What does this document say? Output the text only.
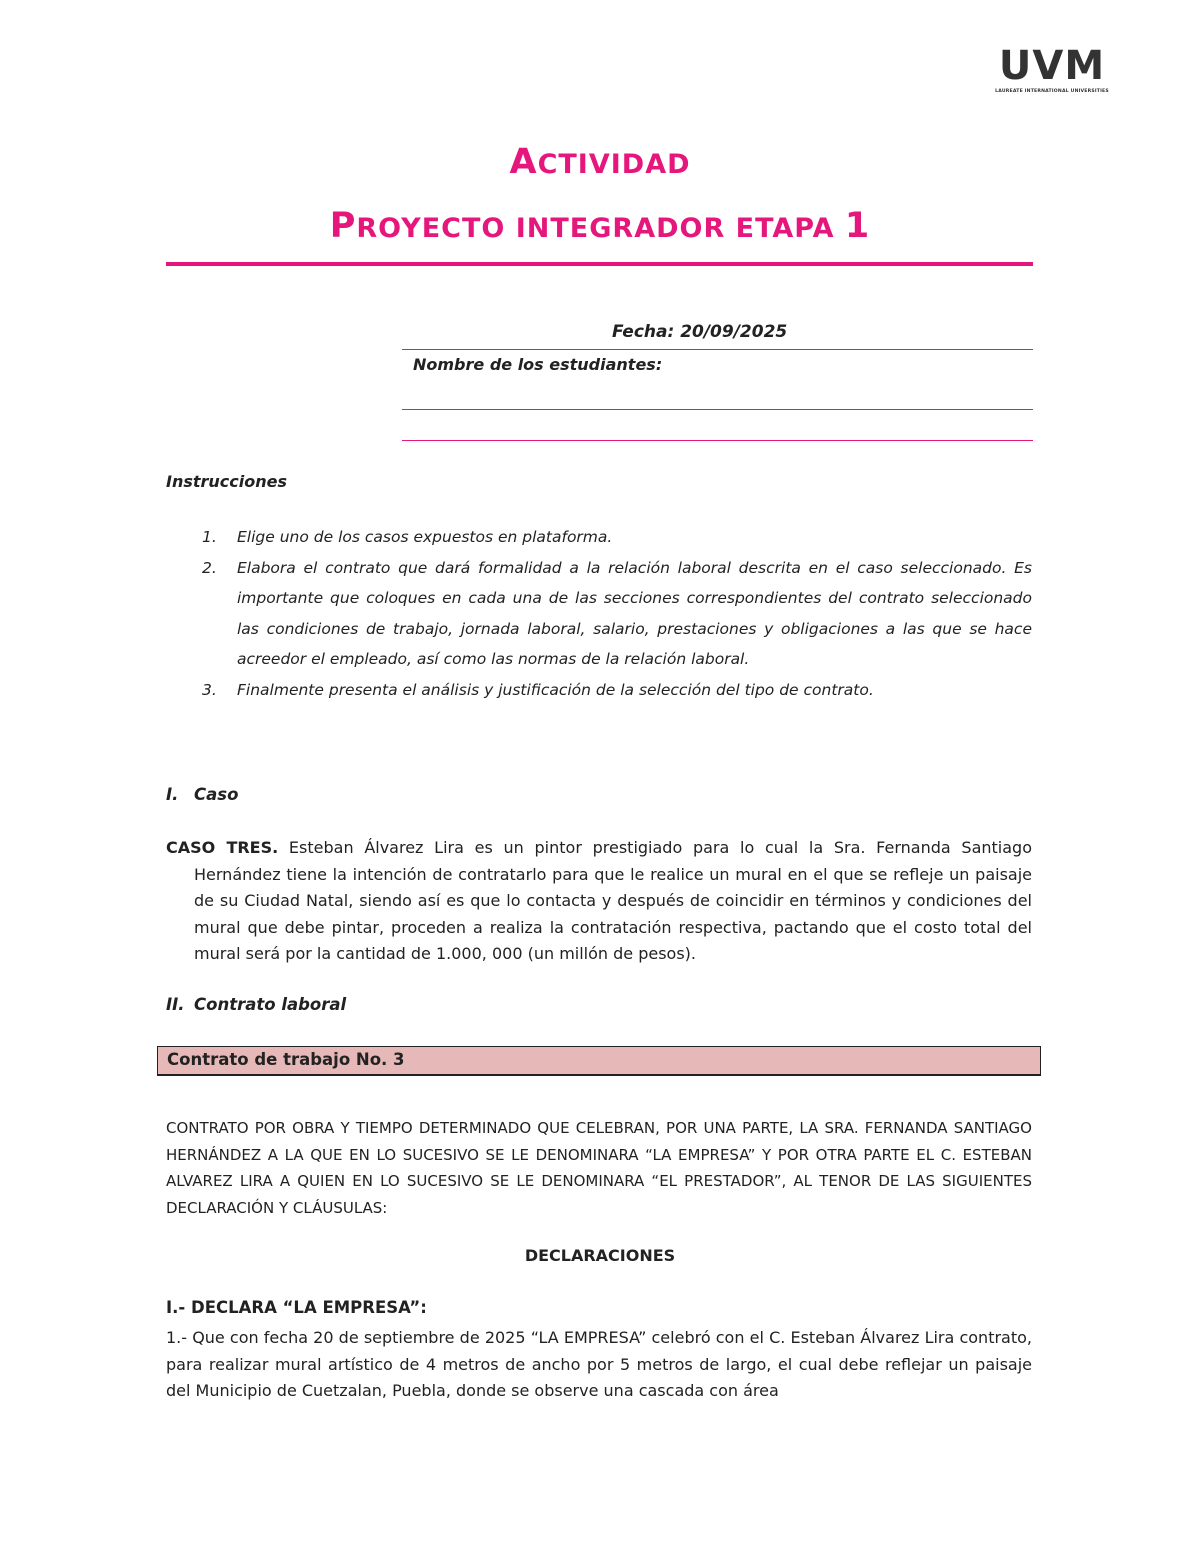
UVM
LAUREATE INTERNATIONAL UNIVERSITIES
ACTIVIDAD
PROYECTO INTEGRADOR ETAPA 1
Fecha: 20/09/2025
Nombre de los estudiantes:
Instrucciones
1. Elige uno de los casos expuestos en plataforma.
2. Elabora el contrato que dará formalidad a la relación laboral descrita en el caso seleccionado. Es importante que coloques en cada una de las secciones correspondientes del contrato seleccionado las condiciones de trabajo, jornada laboral, salario, prestaciones y obligaciones a las que se hace acreedor el empleado, así como las normas de la relación laboral.
3. Finalmente presenta el análisis y justificación de la selección del tipo de contrato.
I. Caso

CASO TRES. Esteban Álvarez Lira es un pintor prestigiado para lo cual la Sra. Fernanda Santiago Hernández tiene la intención de contratarlo para que le realice un mural en el que se refleje un paisaje de su Ciudad Natal, siendo así es que lo contacta y después de coincidir en términos y condiciones del mural que debe pintar, proceden a realiza la contratación respectiva, pactando que el costo total del mural será por la cantidad de 1.000, 000 (un millón de pesos).

II. Contrato laboral
Contrato de trabajo No. 3

CONTRATO POR OBRA Y TIEMPO DETERMINADO QUE CELEBRAN, POR UNA PARTE, LA SRA. FERNANDA SANTIAGO HERNÁNDEZ A LA QUE EN LO SUCESIVO SE LE DENOMINARA “LA EMPRESA” Y POR OTRA PARTE EL C. ESTEBAN ALVAREZ LIRA A QUIEN EN LO SUCESIVO SE LE DENOMINARA “EL PRESTADOR”, AL TENOR DE LAS SIGUIENTES DECLARACIÓN Y CLÁUSULAS:

DECLARACIONES
I.- DECLARA “LA EMPRESA”:

1.- Que con fecha 20 de septiembre de 2025 “LA EMPRESA” celebró con el C. Esteban Álvarez Lira contrato, para realizar mural artístico de 4 metros de ancho por 5 metros de largo, el cual debe reflejar un paisaje del Municipio de Cuetzalan, Puebla, donde se observe una cascada con área
